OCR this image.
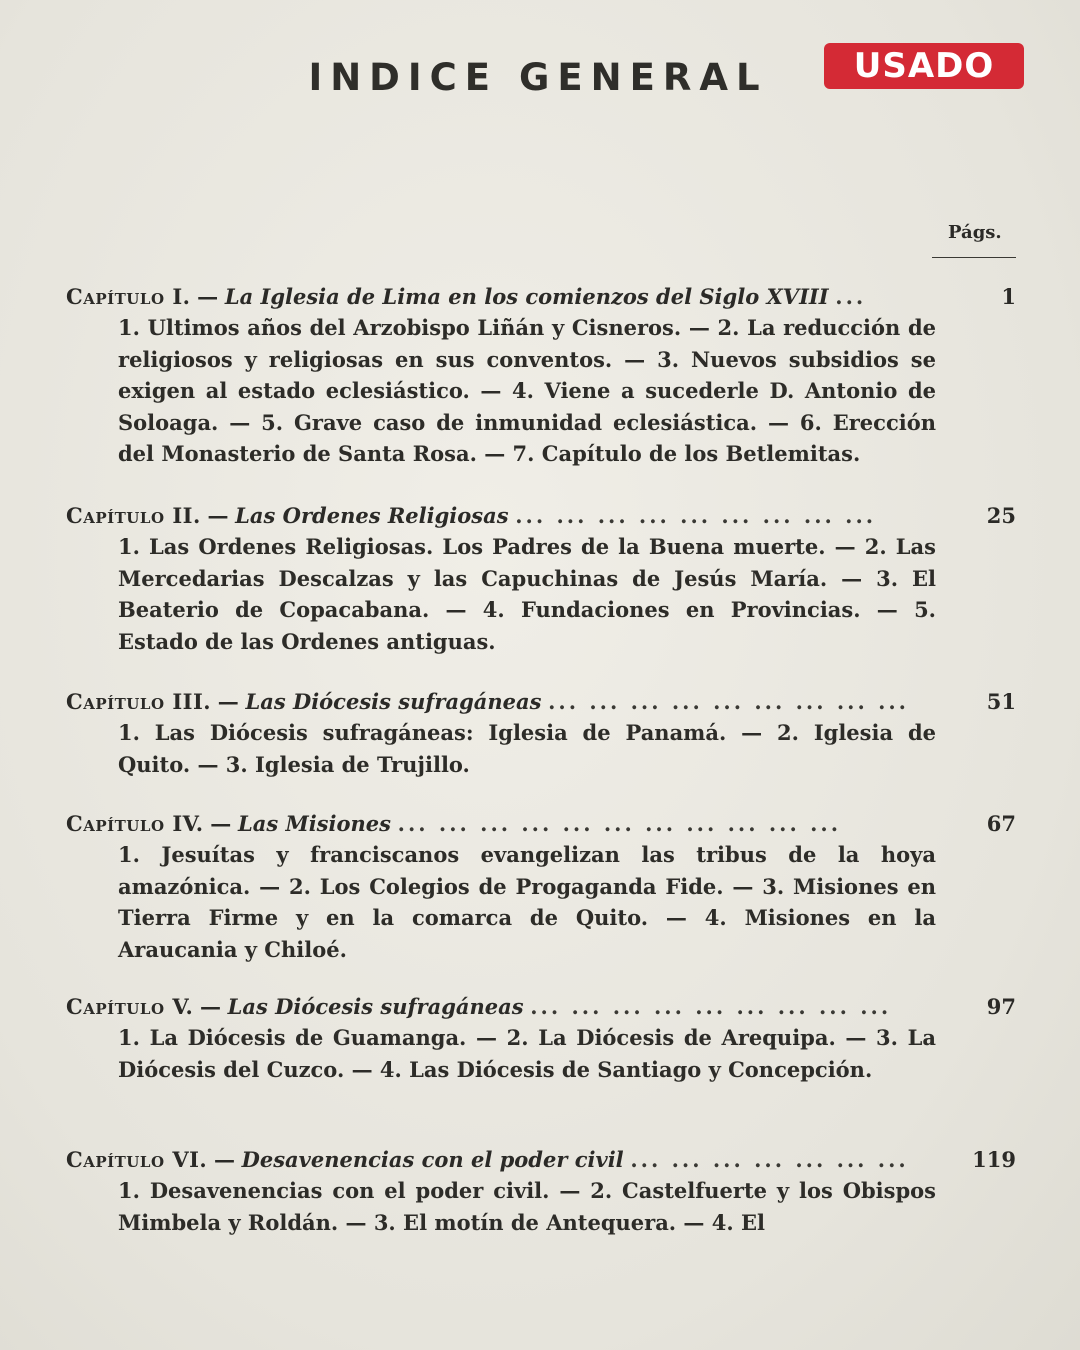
INDICE GENERAL	USADO
Págs.
Capítulo I. — La Iglesia de Lima en los comienzos del Siglo XVIII ...	1

1. Ultimos años del Arzobispo Liñán y Cisneros. — 2. La reducción de religiosos y religiosas en sus conventos. — 3. Nuevos subsidios se exigen al estado eclesiástico. — 4. Viene a sucederle D. Antonio de Soloaga. — 5. Grave caso de inmunidad eclesiástica. — 6. Erección del Monasterio de Santa Rosa. — 7. Capítulo de los Betlemitas.

Capítulo II. — Las Ordenes Religiosas ... ... ... ... ... ... ... ... ...	25

1. Las Ordenes Religiosas. Los Padres de la Buena muerte. — 2. Las Mercedarias Descalzas y las Capuchinas de Jesús María. — 3. El Beaterio de Copacabana. — 4. Fundaciones en Provincias. — 5. Estado de las Ordenes antiguas.

Capítulo III. — Las Diócesis sufragáneas ... ... ... ... ... ... ... ... ...	51

1. Las Diócesis sufragáneas: Iglesia de Panamá. — 2. Iglesia de Quito. — 3. Iglesia de Trujillo.

Capítulo IV. — Las Misiones ... ... ... ... ... ... ... ... ... ... ...	67

1. Jesuítas y franciscanos evangelizan las tribus de la hoya amazónica. — 2. Los Colegios de Progaganda Fide. — 3. Misiones en Tierra Firme y en la comarca de Quito. — 4. Misiones en la Araucania y Chiloé.

Capítulo V. — Las Diócesis sufragáneas ... ... ... ... ... ... ... ... ...	97

1. La Diócesis de Guamanga. — 2. La Diócesis de Arequipa. — 3. La Diócesis del Cuzco. — 4. Las Diócesis de Santiago y Concepción.

Capítulo VI. — Desavenencias con el poder civil ... ... ... ... ... ... ...	119

1. Desavenencias con el poder civil. — 2. Castelfuerte y los Obispos Mimbela y Roldán. — 3. El motín de Antequera. — 4. El
